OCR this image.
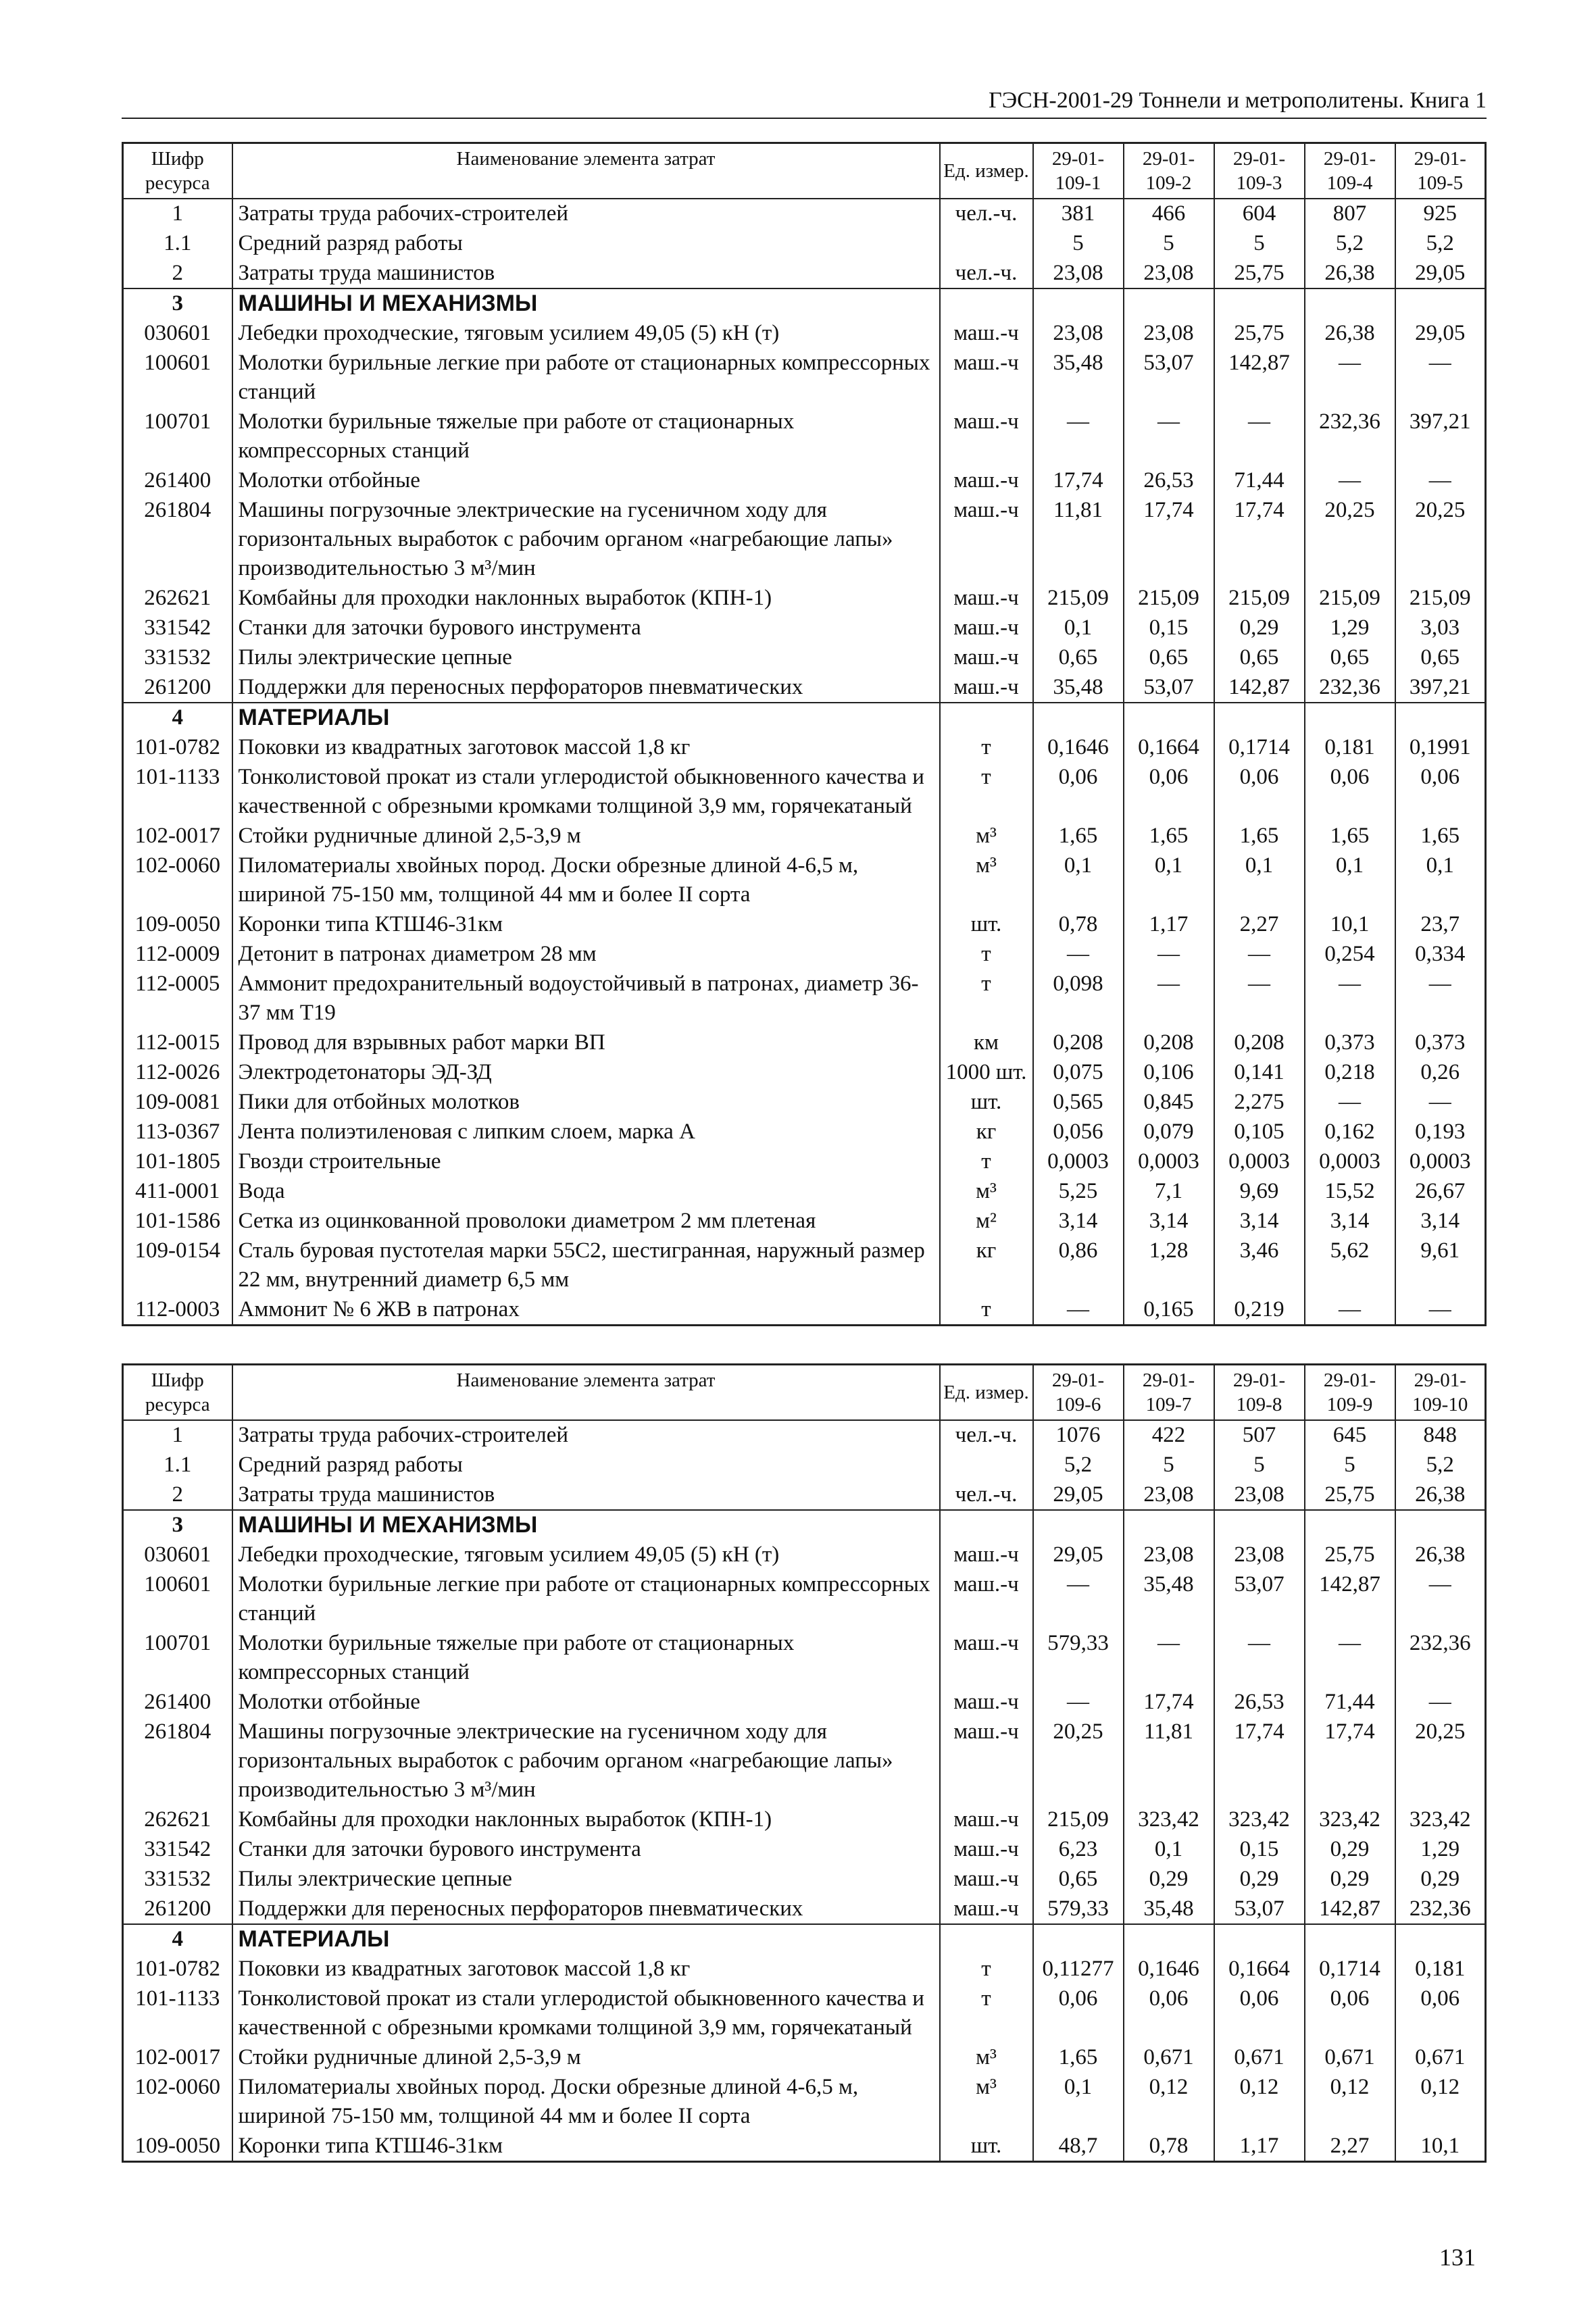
ГЭСН-2001-29 Тоннели и метрополитены. Книга 1
Шифр ресурса	Наименование элемента затрат	Ед. измер.	29-01-109-1	29-01-109-2	29-01-109-3	29-01-109-4	29-01-109-5
1	Затраты труда рабочих-строителей	чел.-ч.	381	466	604	807	925
1.1	Средний разряд работы		5	5	5	5,2	5,2
2	Затраты труда машинистов	чел.-ч.	23,08	23,08	25,75	26,38	29,05
3	МАШИНЫ И МЕХАНИЗМЫ						
030601	Лебедки проходческие, тяговым усилием 49,05 (5) кН (т)	маш.-ч	23,08	23,08	25,75	26,38	29,05
100601	Молотки бурильные легкие при работе от стационарных компрессорных станций	маш.-ч	35,48	53,07	142,87	—	—
100701	Молотки бурильные тяжелые при работе от стационарных компрессорных станций	маш.-ч	—	—	—	232,36	397,21
261400	Молотки отбойные	маш.-ч	17,74	26,53	71,44	—	—
261804	Машины погрузочные электрические на гусеничном ходу для горизонтальных выработок с рабочим органом «нагребающие лапы» производительностью 3 м³/мин	маш.-ч	11,81	17,74	17,74	20,25	20,25
262621	Комбайны для проходки наклонных выработок (КПН-1)	маш.-ч	215,09	215,09	215,09	215,09	215,09
331542	Станки для заточки бурового инструмента	маш.-ч	0,1	0,15	0,29	1,29	3,03
331532	Пилы электрические цепные	маш.-ч	0,65	0,65	0,65	0,65	0,65
261200	Поддержки для переносных перфораторов пневматических	маш.-ч	35,48	53,07	142,87	232,36	397,21
4	МАТЕРИАЛЫ						
101-0782	Поковки из квадратных заготовок массой 1,8 кг	т	0,1646	0,1664	0,1714	0,181	0,1991
101-1133	Тонколистовой прокат из стали углеродистой обыкновенного качества и качественной с обрезными кромками толщиной 3,9 мм, горячекатаный	т	0,06	0,06	0,06	0,06	0,06
102-0017	Стойки рудничные длиной 2,5-3,9 м	м³	1,65	1,65	1,65	1,65	1,65
102-0060	Пиломатериалы хвойных пород. Доски обрезные длиной 4-6,5 м, шириной 75-150 мм, толщиной 44 мм и более II сорта	м³	0,1	0,1	0,1	0,1	0,1
109-0050	Коронки типа КТШ46-31км	шт.	0,78	1,17	2,27	10,1	23,7
112-0009	Детонит в патронах диаметром 28 мм	т	—	—	—	0,254	0,334
112-0005	Аммонит предохранительный водоустойчивый в патронах, диаметр 36-37 мм Т19	т	0,098	—	—	—	—
112-0015	Провод для взрывных работ марки ВП	км	0,208	0,208	0,208	0,373	0,373
112-0026	Электродетонаторы ЭД-ЗД	1000 шт.	0,075	0,106	0,141	0,218	0,26
109-0081	Пики для отбойных молотков	шт.	0,565	0,845	2,275	—	—
113-0367	Лента полиэтиленовая с липким слоем, марка А	кг	0,056	0,079	0,105	0,162	0,193
101-1805	Гвозди строительные	т	0,0003	0,0003	0,0003	0,0003	0,0003
411-0001	Вода	м³	5,25	7,1	9,69	15,52	26,67
101-1586	Сетка из оцинкованной проволоки диаметром 2 мм плетеная	м²	3,14	3,14	3,14	3,14	3,14
109-0154	Сталь буровая пустотелая марки 55С2, шестигранная, наружный размер 22 мм, внутренний диаметр 6,5 мм	кг	0,86	1,28	3,46	5,62	9,61
112-0003	Аммонит № 6 ЖВ в патронах	т	—	0,165	0,219	—	—
Шифр ресурса	Наименование элемента затрат	Ед. измер.	29-01-109-6	29-01-109-7	29-01-109-8	29-01-109-9	29-01-109-10
1	Затраты труда рабочих-строителей	чел.-ч.	1076	422	507	645	848
1.1	Средний разряд работы		5,2	5	5	5	5,2
2	Затраты труда машинистов	чел.-ч.	29,05	23,08	23,08	25,75	26,38
3	МАШИНЫ И МЕХАНИЗМЫ						
030601	Лебедки проходческие, тяговым усилием 49,05 (5) кН (т)	маш.-ч	29,05	23,08	23,08	25,75	26,38
100601	Молотки бурильные легкие при работе от стационарных компрессорных станций	маш.-ч	—	35,48	53,07	142,87	—
100701	Молотки бурильные тяжелые при работе от стационарных компрессорных станций	маш.-ч	579,33	—	—	—	232,36
261400	Молотки отбойные	маш.-ч	—	17,74	26,53	71,44	—
261804	Машины погрузочные электрические на гусеничном ходу для горизонтальных выработок с рабочим органом «нагребающие лапы» производительностью 3 м³/мин	маш.-ч	20,25	11,81	17,74	17,74	20,25
262621	Комбайны для проходки наклонных выработок (КПН-1)	маш.-ч	215,09	323,42	323,42	323,42	323,42
331542	Станки для заточки бурового инструмента	маш.-ч	6,23	0,1	0,15	0,29	1,29
331532	Пилы электрические цепные	маш.-ч	0,65	0,29	0,29	0,29	0,29
261200	Поддержки для переносных перфораторов пневматических	маш.-ч	579,33	35,48	53,07	142,87	232,36
4	МАТЕРИАЛЫ						
101-0782	Поковки из квадратных заготовок массой 1,8 кг	т	0,11277	0,1646	0,1664	0,1714	0,181
101-1133	Тонколистовой прокат из стали углеродистой обыкновенного качества и качественной с обрезными кромками толщиной 3,9 мм, горячекатаный	т	0,06	0,06	0,06	0,06	0,06
102-0017	Стойки рудничные длиной 2,5-3,9 м	м³	1,65	0,671	0,671	0,671	0,671
102-0060	Пиломатериалы хвойных пород. Доски обрезные длиной 4-6,5 м, шириной 75-150 мм, толщиной 44 мм и более II сорта	м³	0,1	0,12	0,12	0,12	0,12
109-0050	Коронки типа КТШ46-31км	шт.	48,7	0,78	1,17	2,27	10,1
131
